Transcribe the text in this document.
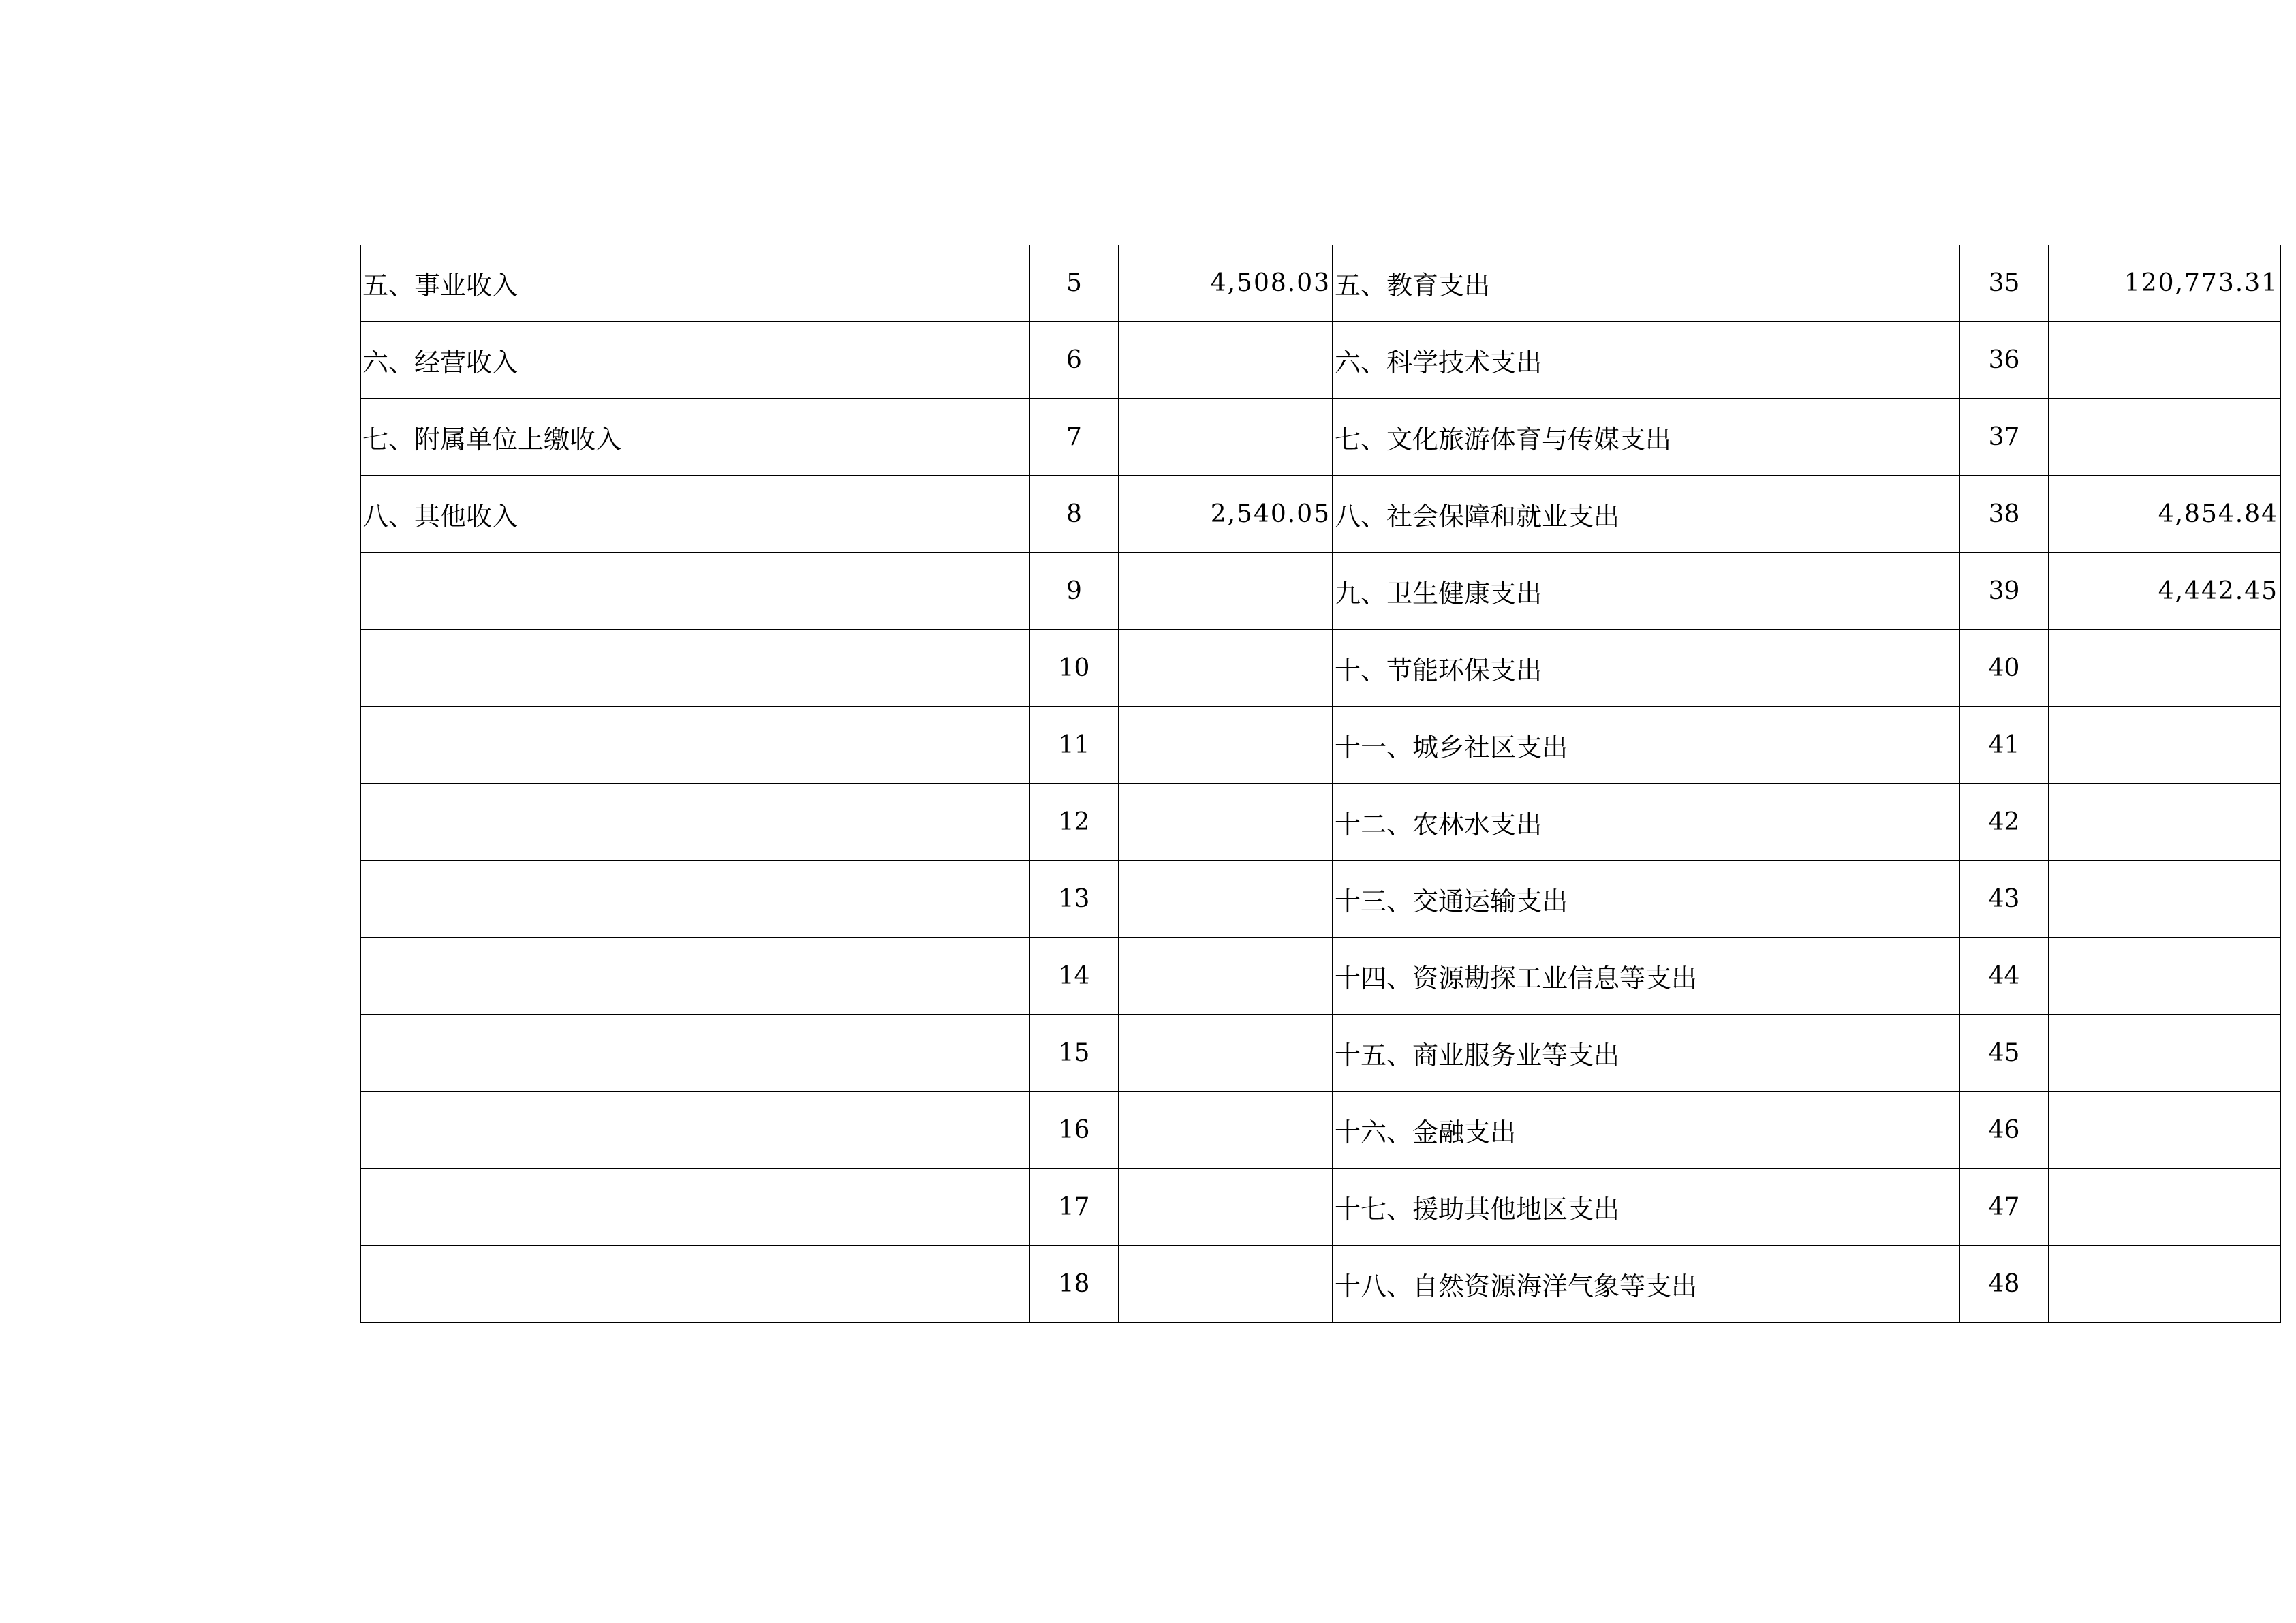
五、事业收入	5	4,508.03	五、教育支出	35	120,773.31
六、经营收入	6		六、科学技术支出	36	
七、附属单位上缴收入	7		七、文化旅游体育与传媒支出	37	
八、其他收入	8	2,540.05	八、社会保障和就业支出	38	4,854.84
	9		九、卫生健康支出	39	4,442.45
	10		十、节能环保支出	40	
	11		十一、城乡社区支出	41	
	12		十二、农林水支出	42	
	13		十三、交通运输支出	43	
	14		十四、资源勘探工业信息等支出	44	
	15		十五、商业服务业等支出	45	
	16		十六、金融支出	46	
	17		十七、援助其他地区支出	47	
	18		十八、自然资源海洋气象等支出	48	
